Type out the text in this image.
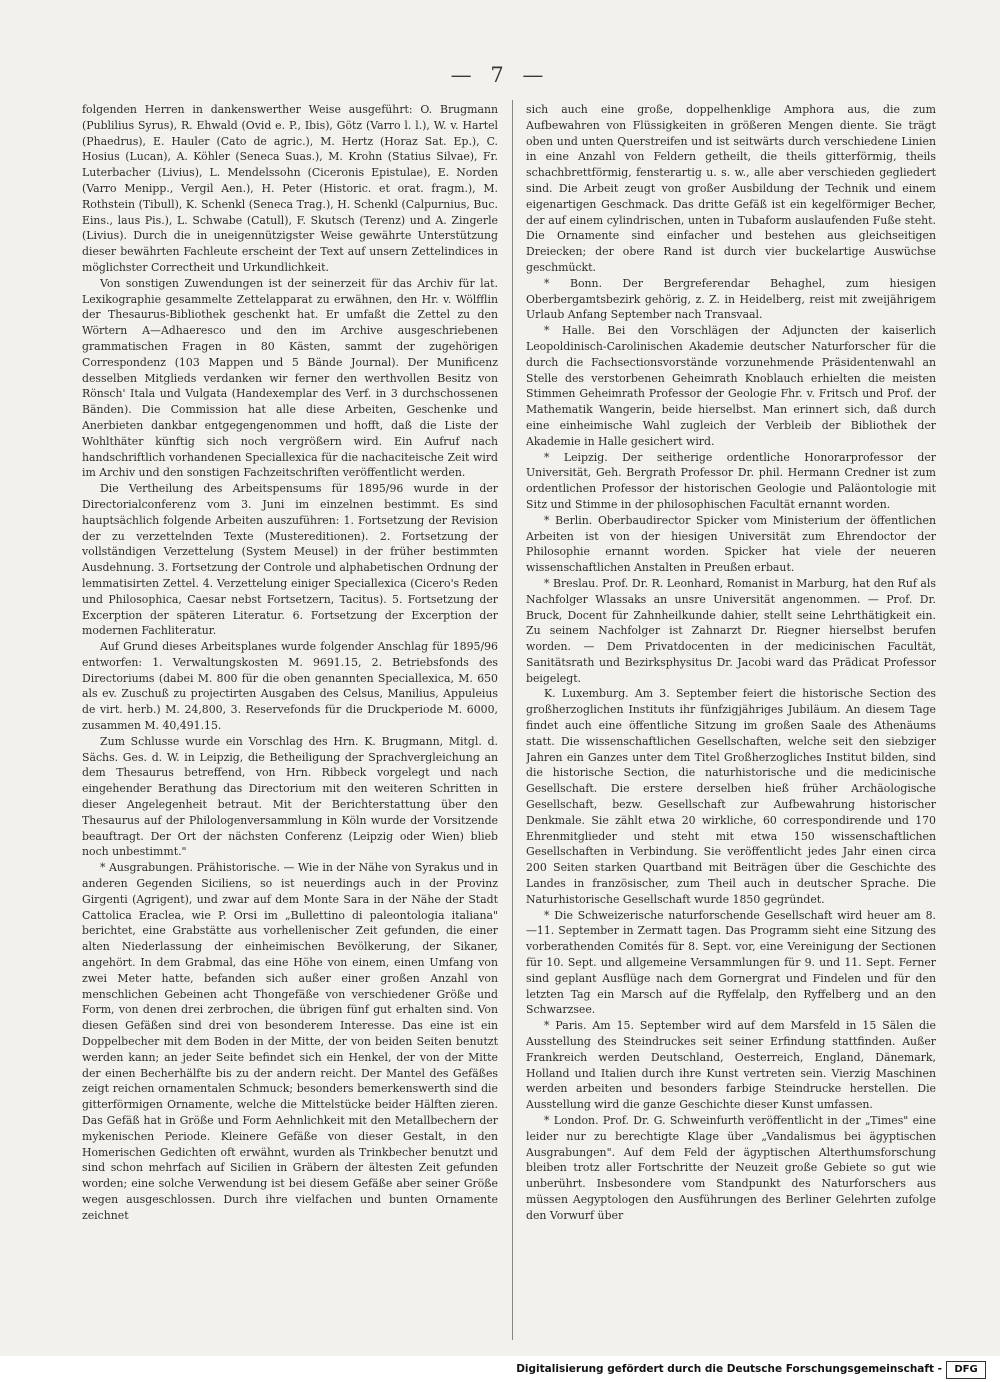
— 7 —

folgenden Herren in dankenswerther Weise ausgeführt: O. Brugmann (Publilius Syrus), R. Ehwald (Ovid e. P., Ibis), Götz (Varro l. l.), W. v. Hartel (Phaedrus), E. Hauler (Cato de agric.), M. Hertz (Horaz Sat. Ep.), C. Hosius (Lucan), A. Köhler (Seneca Suas.), M. Krohn (Statius Silvae), Fr. Luterbacher (Livius), L. Mendelssohn (Ciceronis Epistulae), E. Norden (Varro Menipp., Vergil Aen.), H. Peter (Historic. et orat. fragm.), M. Rothstein (Tibull), K. Schenkl (Seneca Trag.), H. Schenkl (Calpurnius, Buc. Eins., laus Pis.), L. Schwabe (Catull), F. Skutsch (Terenz) und A. Zingerle (Livius). Durch die in uneigennützigster Weise gewährte Unterstützung dieser bewährten Fachleute erscheint der Text auf unsern Zettelindices in möglichster Correctheit und Urkundlichkeit.

Von sonstigen Zuwendungen ist der seinerzeit für das Archiv für lat. Lexikographie gesammelte Zettelapparat zu erwähnen, den Hr. v. Wölfflin der Thesaurus-Bibliothek geschenkt hat. Er umfaßt die Zettel zu den Wörtern A—Adhaeresco und den im Archive ausgeschriebenen grammatischen Fragen in 80 Kästen, sammt der zugehörigen Correspondenz (103 Mappen und 5 Bände Journal). Der Munificenz desselben Mitglieds verdanken wir ferner den werthvollen Besitz von Rönsch' Itala und Vulgata (Handexemplar des Verf. in 3 durchschossenen Bänden). Die Commission hat alle diese Arbeiten, Geschenke und Anerbieten dankbar entgegengenommen und hofft, daß die Liste der Wohlthäter künftig sich noch vergrößern wird. Ein Aufruf nach handschriftlich vorhandenen Speciallexica für die nachaciteische Zeit wird im Archiv und den sonstigen Fachzeitschriften veröffentlicht werden.

Die Vertheilung des Arbeitspensums für 1895/96 wurde in der Directorialconferenz vom 3. Juni im einzelnen bestimmt. Es sind hauptsächlich folgende Arbeiten auszuführen: 1. Fortsetzung der Revision der zu verzettelnden Texte (Mustereditionen). 2. Fortsetzung der vollständigen Verzettelung (System Meusel) in der früher bestimmten Ausdehnung. 3. Fortsetzung der Controle und alphabetischen Ordnung der lemmatisirten Zettel. 4. Verzettelung einiger Speciallexica (Cicero's Reden und Philosophica, Caesar nebst Fortsetzern, Tacitus). 5. Fortsetzung der Excerption der späteren Literatur. 6. Fortsetzung der Excerption der modernen Fachliteratur.

Auf Grund dieses Arbeitsplanes wurde folgender Anschlag für 1895/96 entworfen: 1. Verwaltungskosten M. 9691.15, 2. Betriebsfonds des Directoriums (dabei M. 800 für die oben genannten Speciallexica, M. 650 als ev. Zuschuß zu projectirten Ausgaben des Celsus, Manilius, Appuleius de virt. herb.) M. 24,800, 3. Reservefonds für die Druckperiode M. 6000, zusammen M. 40,491.15.

Zum Schlusse wurde ein Vorschlag des Hrn. K. Brugmann, Mitgl. d. Sächs. Ges. d. W. in Leipzig, die Betheiligung der Sprachvergleichung an dem Thesaurus betreffend, von Hrn. Ribbeck vorgelegt und nach eingehender Berathung das Directorium mit den weiteren Schritten in dieser Angelegenheit betraut. Mit der Berichterstattung über den Thesaurus auf der Philologenversammlung in Köln wurde der Vorsitzende beauftragt. Der Ort der nächsten Conferenz (Leipzig oder Wien) blieb noch unbestimmt."

* Ausgrabungen. Prähistorische. — Wie in der Nähe von Syrakus und in anderen Gegenden Siciliens, so ist neuerdings auch in der Provinz Girgenti (Agrigent), und zwar auf dem Monte Sara in der Nähe der Stadt Cattolica Eraclea, wie P. Orsi im „Bullettino di paleontologia italiana" berichtet, eine Grabstätte aus vorhellenischer Zeit gefunden, die einer alten Niederlassung der einheimischen Bevölkerung, der Sikaner, angehört. In dem Grabmal, das eine Höhe von einem, einen Umfang von zwei Meter hatte, befanden sich außer einer großen Anzahl von menschlichen Gebeinen acht Thongefäße von verschiedener Größe und Form, von denen drei zerbrochen, die übrigen fünf gut erhalten sind. Von diesen Gefäßen sind drei von besonderem Interesse. Das eine ist ein Doppelbecher mit dem Boden in der Mitte, der von beiden Seiten benutzt werden kann; an jeder Seite befindet sich ein Henkel, der von der Mitte der einen Becherhälfte bis zu der andern reicht. Der Mantel des Gefäßes zeigt reichen ornamentalen Schmuck; besonders bemerkenswerth sind die gitterförmigen Ornamente, welche die Mittelstücke beider Hälften zieren. Das Gefäß hat in Größe und Form Aehnlichkeit mit den Metallbechern der mykenischen Periode. Kleinere Gefäße von dieser Gestalt, in den Homerischen Gedichten oft erwähnt, wurden als Trinkbecher benutzt und sind schon mehrfach auf Sicilien in Gräbern der ältesten Zeit gefunden worden; eine solche Verwendung ist bei diesem Gefäße aber seiner Größe wegen ausgeschlossen. Durch ihre vielfachen und bunten Ornamente zeichnet

sich auch eine große, doppelhenklige Amphora aus, die zum Aufbewahren von Flüssigkeiten in größeren Mengen diente. Sie trägt oben und unten Querstreifen und ist seitwärts durch verschiedene Linien in eine Anzahl von Feldern getheilt, die theils gitterförmig, theils schachbrettförmig, fensterartig u. s. w., alle aber verschieden gegliedert sind. Die Arbeit zeugt von großer Ausbildung der Technik und einem eigenartigen Geschmack. Das dritte Gefäß ist ein kegelförmiger Becher, der auf einem cylindrischen, unten in Tubaform auslaufenden Fuße steht. Die Ornamente sind einfacher und bestehen aus gleichseitigen Dreiecken; der obere Rand ist durch vier buckelartige Auswüchse geschmückt.

* Bonn. Der Bergreferendar Behaghel, zum hiesigen Oberbergamtsbezirk gehörig, z. Z. in Heidelberg, reist mit zweijährigem Urlaub Anfang September nach Transvaal.

* Halle. Bei den Vorschlägen der Adjuncten der kaiserlich Leopoldinisch-Carolinischen Akademie deutscher Naturforscher für die durch die Fachsectionsvorstände vorzunehmende Präsidentenwahl an Stelle des verstorbenen Geheimrath Knoblauch erhielten die meisten Stimmen Geheimrath Professor der Geologie Fhr. v. Fritsch und Prof. der Mathematik Wangerin, beide hierselbst. Man erinnert sich, daß durch eine einheimische Wahl zugleich der Verbleib der Bibliothek der Akademie in Halle gesichert wird.

* Leipzig. Der seitherige ordentliche Honorarprofessor der Universität, Geh. Bergrath Professor Dr. phil. Hermann Credner ist zum ordentlichen Professor der historischen Geologie und Paläontologie mit Sitz und Stimme in der philosophischen Facultät ernannt worden.

* Berlin. Oberbaudirector Spicker vom Ministerium der öffentlichen Arbeiten ist von der hiesigen Universität zum Ehrendoctor der Philosophie ernannt worden. Spicker hat viele der neueren wissenschaftlichen Anstalten in Preußen erbaut.

* Breslau. Prof. Dr. R. Leonhard, Romanist in Marburg, hat den Ruf als Nachfolger Wlassaks an unsre Universität angenommen. — Prof. Dr. Bruck, Docent für Zahnheilkunde dahier, stellt seine Lehrthätigkeit ein. Zu seinem Nachfolger ist Zahnarzt Dr. Riegner hierselbst berufen worden. — Dem Privatdocenten in der medicinischen Facultät, Sanitätsrath und Bezirksphysitus Dr. Jacobi ward das Prädicat Professor beigelegt.

K. Luxemburg. Am 3. September feiert die historische Section des großherzoglichen Instituts ihr fünfzigjähriges Jubiläum. An diesem Tage findet auch eine öffentliche Sitzung im großen Saale des Athenäums statt. Die wissenschaftlichen Gesellschaften, welche seit den siebziger Jahren ein Ganzes unter dem Titel Großherzogliches Institut bilden, sind die historische Section, die naturhistorische und die medicinische Gesellschaft. Die erstere derselben hieß früher Archäologische Gesellschaft, bezw. Gesellschaft zur Aufbewahrung historischer Denkmale. Sie zählt etwa 20 wirkliche, 60 correspondirende und 170 Ehrenmitglieder und steht mit etwa 150 wissenschaftlichen Gesellschaften in Verbindung. Sie veröffentlicht jedes Jahr einen circa 200 Seiten starken Quartband mit Beiträgen über die Geschichte des Landes in französischer, zum Theil auch in deutscher Sprache. Die Naturhistorische Gesellschaft wurde 1850 gegründet.

* Die Schweizerische naturforschende Gesellschaft wird heuer am 8.—11. September in Zermatt tagen. Das Programm sieht eine Sitzung des vorberathenden Comités für 8. Sept. vor, eine Vereinigung der Sectionen für 10. Sept. und allgemeine Versammlungen für 9. und 11. Sept. Ferner sind geplant Ausflüge nach dem Gornergrat und Findelen und für den letzten Tag ein Marsch auf die Ryffelalp, den Ryffelberg und an den Schwarzsee.

* Paris. Am 15. September wird auf dem Marsfeld in 15 Sälen die Ausstellung des Steindruckes seit seiner Erfindung stattfinden. Außer Frankreich werden Deutschland, Oesterreich, England, Dänemark, Holland und Italien durch ihre Kunst vertreten sein. Vierzig Maschinen werden arbeiten und besonders farbige Steindrucke herstellen. Die Ausstellung wird die ganze Geschichte dieser Kunst umfassen.

* London. Prof. Dr. G. Schweinfurth veröffentlicht in der „Times" eine leider nur zu berechtigte Klage über „Vandalismus bei ägyptischen Ausgrabungen". Auf dem Feld der ägyptischen Alterthumsforschung bleiben trotz aller Fortschritte der Neuzeit große Gebiete so gut wie unberührt. Insbesondere vom Standpunkt des Naturforschers aus müssen Aegyptologen den Ausführungen des Berliner Gelehrten zufolge den Vorwurf über

Digitalisierung gefördert durch die Deutsche Forschungsgemeinschaft -	DFG
